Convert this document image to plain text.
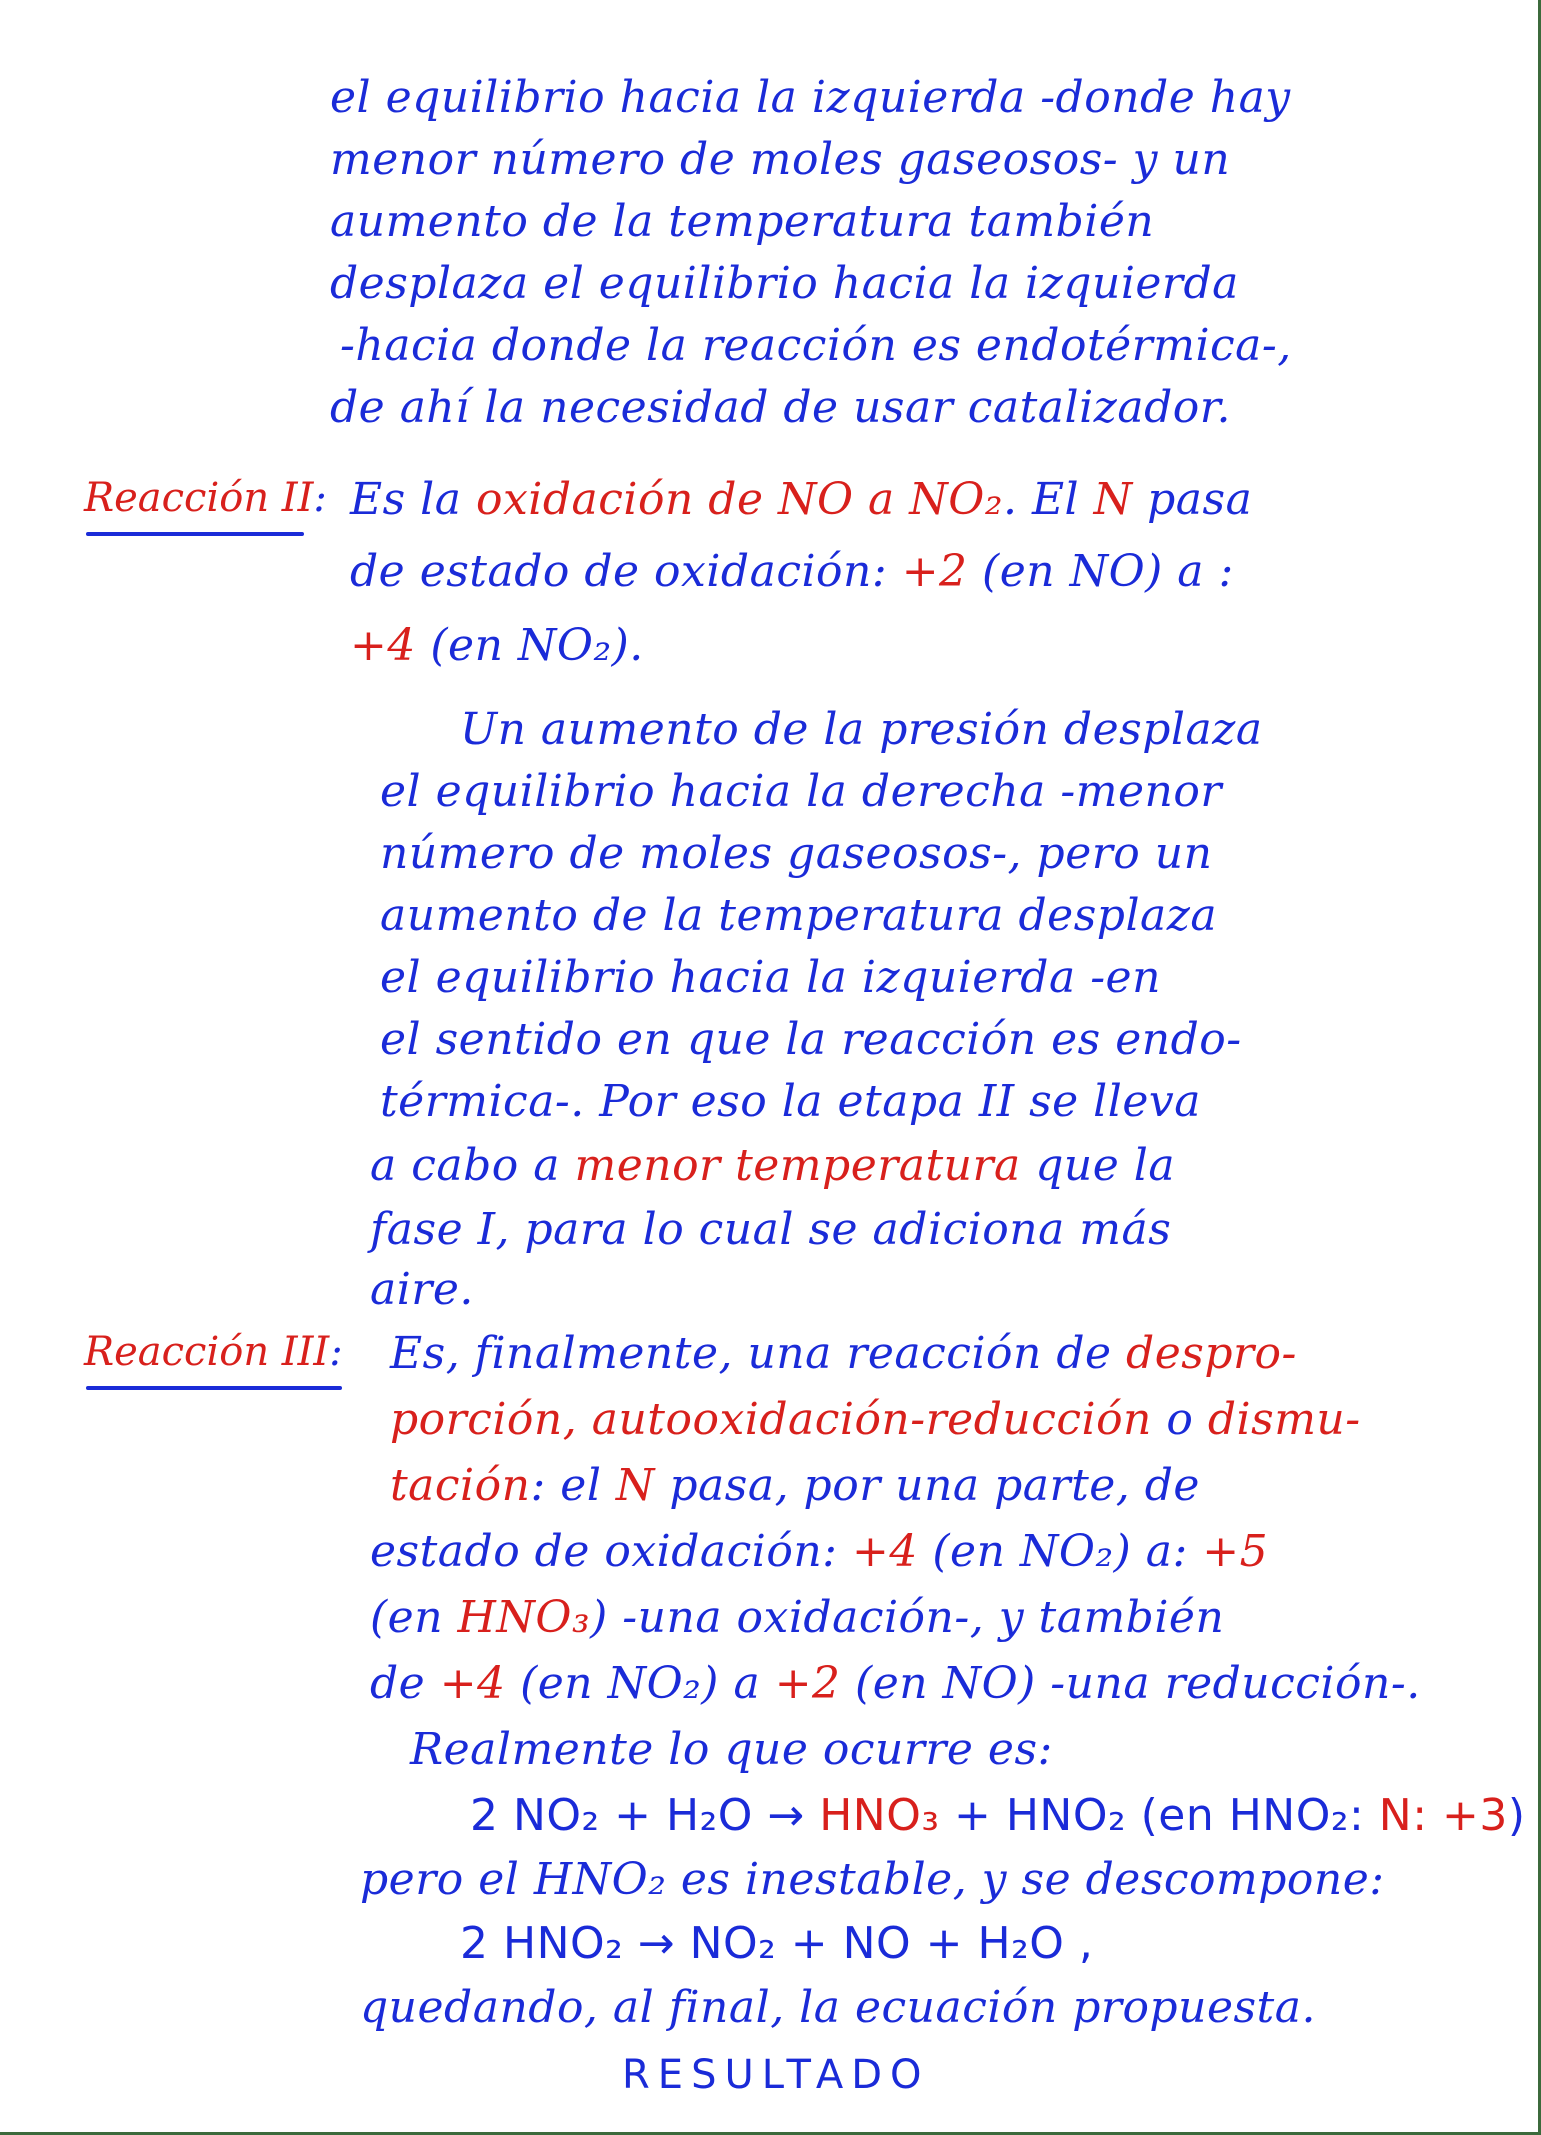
el equilibrio hacia la izquierda -donde hay
menor número de moles gaseosos- y un
aumento de la temperatura también
desplaza el equilibrio hacia la izquierda
-hacia donde la reacción es endotérmica-,
de ahí la necesidad de usar catalizador.
Reacción II: Es la oxidación de NO a NO₂. El N pasa
de estado de oxidación: +2 (en NO) a :
+4 (en NO₂).
Un aumento de la presión desplaza
el equilibrio hacia la derecha -menor
número de moles gaseosos-, pero un
aumento de la temperatura desplaza
el equilibrio hacia la izquierda -en
el sentido en que la reacción es endo-
térmica-. Por eso la etapa II se lleva
a cabo a menor temperatura que la
fase I, para lo cual se adiciona más
aire.
Reacción III: Es, finalmente, una reacción de despro-
porción, autooxidación-reducción o dismu-
tación: el N pasa, por una parte, de
estado de oxidación: +4 (en NO₂) a: +5
(en HNO₃) -una oxidación-, y también
de +4 (en NO₂) a +2 (en NO) -una reducción-.
Realmente lo que ocurre es:
2 NO₂ + H₂O → HNO₃ + HNO₂ (en HNO₂: N: +3)
pero el HNO₂ es inestable, y se descompone:
2 HNO₂ → NO₂ + NO + H₂O ,
quedando, al final, la ecuación propuesta.
RESULTADO
